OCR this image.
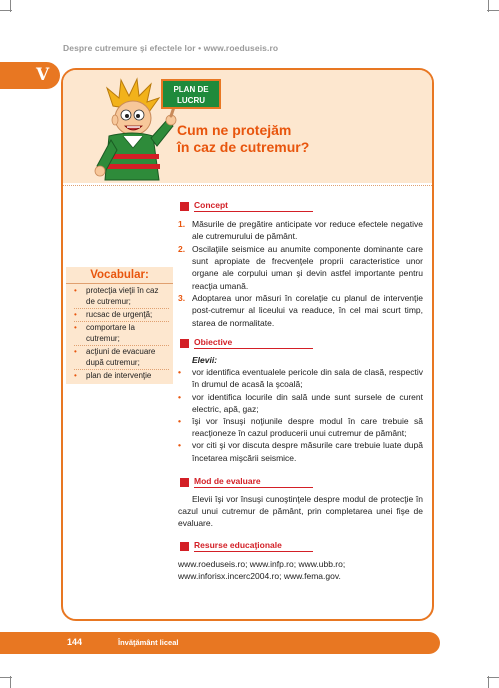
Despre cutremure şi efectele lor • www.roeduseis.ro
V
PLAN DE
LUCRU
Cum ne protejăm
în caz de cutremur?
Vocabular:
• protecţia vieţii în caz de cutremur;
• rucsac de urgenţă;
• comportare la cutremur;
• acţiuni de evacuare după cutremur;
• plan de intervenţie
Concept
1. Măsurile de pregătire anticipate vor reduce efectele negative ale cutremurului de pământ.
2. Oscilaţiile seismice au anumite componente dominante care sunt apropiate de frecvenţele proprii caracteristice unor organe ale corpului uman şi devin astfel importante pentru reacţia umană.
3. Adoptarea unor măsuri în corelaţie cu planul de intervenţie post-cutremur al liceului va readuce, în cel mai scurt timp, starea de normalitate.
Obiective
Elevii:
• vor identifica eventualele pericole din sala de clasă, respectiv în drumul de acasă la şcoală;
• vor identifica locurile din sală unde sunt sursele de curent electric, apă, gaz;
• îşi vor însuşi noţiunile despre modul în care trebuie să reacţioneze în cazul producerii unui cutremur de pământ;
• vor citi şi vor discuta despre măsurile care trebuie luate după încetarea mişcării seismice.
Mod de evaluare
Elevii îşi vor însuşi cunoştinţele despre modul de protecţie în cazul unui cutremur de pământ, prin completarea unei fişe de evaluare.
Resurse educaţionale
www.roeduseis.ro; www.infp.ro; www.ubb.ro;
www.inforisx.incerc2004.ro; www.fema.gov.
144	Învăţământ liceal
